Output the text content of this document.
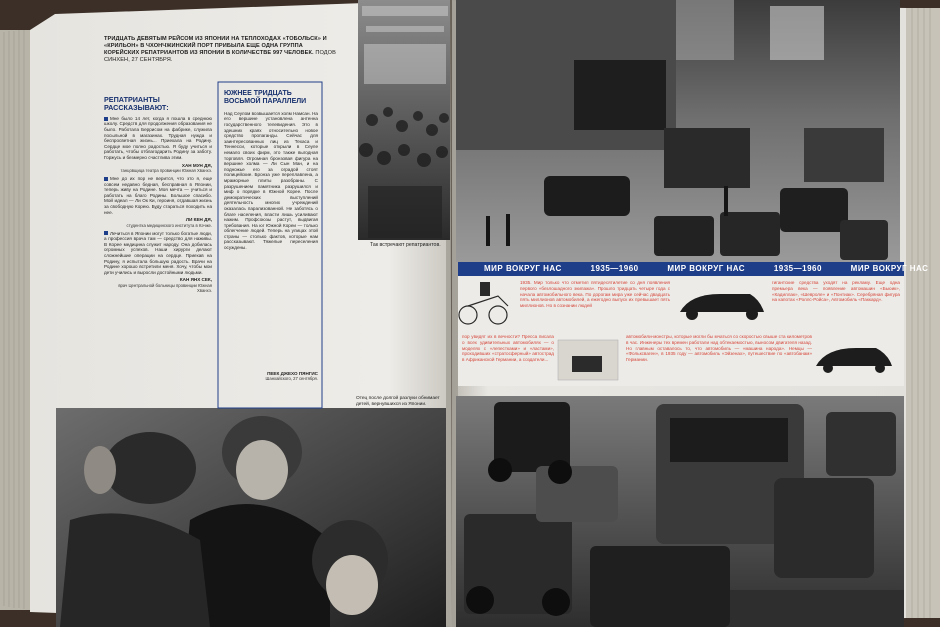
ТРИДЦАТЬ ДЕВЯТЫМ РЕЙСОМ ИЗ ЯПОНИИ НА ТЕПЛОХОДАХ «ТОБОЛЬСК» И «КРИЛЬОН» В ЧХОНЧЖИНСКИЙ ПОРТ ПРИБЫЛА ЕЩЕ ОДНА ГРУППА КОРЕЙСКИХ РЕПАТРИАНТОВ ИЗ ЯПОНИИ В КОЛИЧЕСТВЕ 997 ЧЕЛОВЕК. ПОДОВ СИНХЕН, 27 СЕНТЯБРЯ.
РЕПАТРИАНТЫ РАССКАЗЫВАЮТ:

Мне было 14 лет, когда я пошла в среднюю школу. Средств для продолжения образования не было. Работала Беррисом на фабрике, служила посыльной в магазинах. Трудная нужда и беспросветная жизнь... Приехала на Родину. Сердце мое полно радостью. Я буду учиться и работать, чтобы отблагодарить Родину за заботу. Горжусь и безмерно счастлива этим.

ХАН МУН ДЯ,
танцовщица театра провинции Южная Хванхэ.

Мне до их пор не верится, что это я, еще совсем недавно бедная, бесправная в Японии, теперь живу на Родине. Моя мечта — учиться и работать на благо Родины. Большое спасибо. Мой идеал — Ли Ок Ки, героиня, отдавшая жизнь за свободную Корею. Буду стараться походить на нее.

ЛИ КЕН ДЯ,
студентка медицинского института в Кэчже.

Лечиться в Японии могут только богатые люди, а профессия врача там — средство для наживы. В Корее медицина служит народу. Она добилась огромных успехов. Наши хирурги делают сложнейшие операции на сердце. Приехав на Родину, я испытала большую радость. Врачи на Родине хорошо встретили меня. Хочу, чтобы мои дети учились и выросли достойными людьми.

КАН ЯНХ СЕК,
врач Центральной больницы провинции Южная Хванхэ.
ЮЖНЕЕ ТРИДЦАТЬ ВОСЬМОЙ ПАРАЛЛЕЛИ
Над Сеулом возвышается холм Намсан. На его вершине установлена антенна государственного телевидения. Это в здешних краях относительно новое средство пропаганды. Сейчас для заинтересованных лиц из Техаса и Теннесси, которые открыли в Сеуле немало своих фирм, это также выгодная торговля. Огромная бронзовая фигура на вершине холма — Ли Сын Ман, и на подножье его за оградой стоят полицейские. Бронза уже переплавлена, а мраморные плиты разобраны. С разрушением памятника разрушился и миф о порядке в Южной Корее. После демократических выступлений деятельность многих учреждений оказалась парализованной. Не заботясь о благе населения, власти лишь усиливают нажим. Профсоюзы растут, выдвигая требования. На юг Южной Кореи — только облегчение людей. Теперь на улицах этой страны — столько фактов, которые нам рассказывают. Тяжелые переселения осуждены.
ПЕЕК ДЖЕХО ПЯНГИС
Шанхайского, 27 сентября.
Так встречают репатриантов.
Отец после долгой разлуки обнимает детей, вернувшихся из Японии.
МИР ВОКРУГ НАС	1935—1960	МИР ВОКРУГ НАС	1935—1960	МИР ВОКРУГ НАС
1935. Мир только что отметил пятидесятилетие со дня появления первого «безлошадного экипажа». Прошло тридцать четыре года с начала автомобильного века. По дорогам мира уже сейчас двадцать пять миллионов автомобилей, а ежегодно выпуск их превышает пять миллионов. Но в сознании людей
гигантские средства уходят на рекламу. Еще одна премьера века — появление автомашин «Бьюик», «Кадиллак», «Шевроле» и «Понтиак». Серебряная фигура на капотах «Роллс-Ройса», Автомобиль «Паккард».
автомобили-монстры, которые могли бы мчаться со скоростью свыше ста километров в час. Инженеры тех времен работали над обтекаемостью, выносом двигателя назад. Но главным оставалось то, что автомобиль — «машина народа». Немцы — «Фольксваген», в 1935 году — автомобиль «Эйзенах», путешествие по «автобанам» Германии.
пор увидят их в вечности? Пресса писала о всех удивительных автомобилях — о моделях с «лепестками» и «ластами», проходивших «стратосферный» автострад в Африканской Германии, а создатели...
